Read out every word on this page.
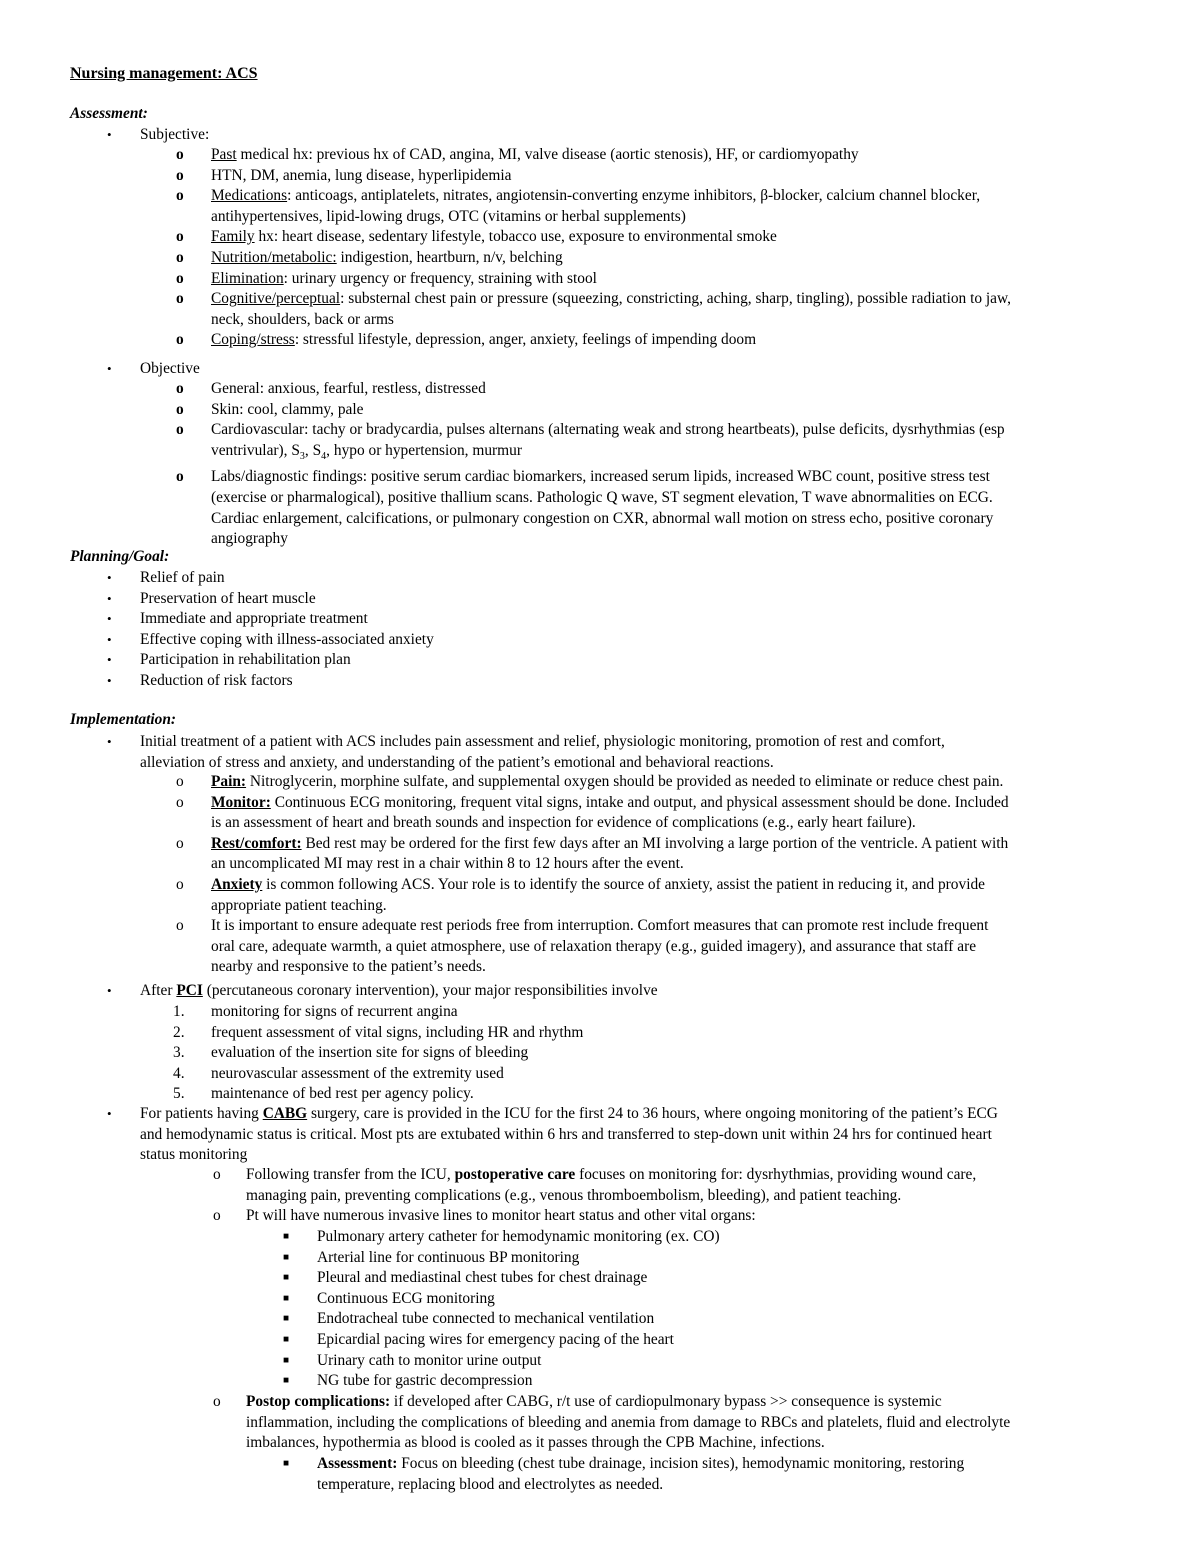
Nursing management: ACS
Assessment:
• Subjective:
o Past medical hx: previous hx of CAD, angina, MI, valve disease (aortic stenosis), HF, or cardiomyopathy
o HTN, DM, anemia, lung disease, hyperlipidemia
o Medications: anticoags, antiplatelets, nitrates, angiotensin-converting enzyme inhibitors, β-blocker, calcium channel blocker,
antihypertensives, lipid-lowing drugs, OTC (vitamins or herbal supplements)
o Family hx: heart disease, sedentary lifestyle, tobacco use, exposure to environmental smoke
o Nutrition/metabolic: indigestion, heartburn, n/v, belching
o Elimination: urinary urgency or frequency, straining with stool
o Cognitive/perceptual: substernal chest pain or pressure (squeezing, constricting, aching, sharp, tingling), possible radiation to jaw,
neck, shoulders, back or arms
o Coping/stress: stressful lifestyle, depression, anger, anxiety, feelings of impending doom
• Objective
o General: anxious, fearful, restless, distressed
o Skin: cool, clammy, pale
o Cardiovascular: tachy or bradycardia, pulses alternans (alternating weak and strong heartbeats), pulse deficits, dysrhythmias (esp
ventrivular), $S_3$, $S_4$, hypo or hypertension, murmur
o Labs/diagnostic findings: positive serum cardiac biomarkers, increased serum lipids, increased WBC count, positive stress test
(exercise or pharmalogical), positive thallium scans. Pathologic Q wave, ST segment elevation, T wave abnormalities on ECG.
Cardiac enlargement, calcifications, or pulmonary congestion on CXR, abnormal wall motion on stress echo, positive coronary
angiography
Planning/Goal:
• Relief of pain
• Preservation of heart muscle
• Immediate and appropriate treatment
• Effective coping with illness-associated anxiety
• Participation in rehabilitation plan
• Reduction of risk factors
Implementation:
• Initial treatment of a patient with ACS includes pain assessment and relief, physiologic monitoring, promotion of rest and comfort,
alleviation of stress and anxiety, and understanding of the patient’s emotional and behavioral reactions.
o Pain: Nitroglycerin, morphine sulfate, and supplemental oxygen should be provided as needed to eliminate or reduce chest pain.
o Monitor: Continuous ECG monitoring, frequent vital signs, intake and output, and physical assessment should be done. Included
is an assessment of heart and breath sounds and inspection for evidence of complications (e.g., early heart failure).
o Rest/comfort: Bed rest may be ordered for the first few days after an MI involving a large portion of the ventricle. A patient with
an uncomplicated MI may rest in a chair within 8 to 12 hours after the event.
o Anxiety is common following ACS. Your role is to identify the source of anxiety, assist the patient in reducing it, and provide
appropriate patient teaching.
o It is important to ensure adequate rest periods free from interruption. Comfort measures that can promote rest include frequent
oral care, adequate warmth, a quiet atmosphere, use of relaxation therapy (e.g., guided imagery), and assurance that staff are
nearby and responsive to the patient’s needs.
• After PCI (percutaneous coronary intervention), your major responsibilities involve
1. monitoring for signs of recurrent angina
2. frequent assessment of vital signs, including HR and rhythm
3. evaluation of the insertion site for signs of bleeding
4. neurovascular assessment of the extremity used
5. maintenance of bed rest per agency policy.
• For patients having CABG surgery, care is provided in the ICU for the first 24 to 36 hours, where ongoing monitoring of the patient’s ECG
and hemodynamic status is critical. Most pts are extubated within 6 hrs and transferred to step-down unit within 24 hrs for continued heart
status monitoring
o Following transfer from the ICU, postoperative care focuses on monitoring for: dysrhythmias, providing wound care,
managing pain, preventing complications (e.g., venous thromboembolism, bleeding), and patient teaching.
o Pt will have numerous invasive lines to monitor heart status and other vital organs:
■ Pulmonary artery catheter for hemodynamic monitoring (ex. CO)
■ Arterial line for continuous BP monitoring
■ Pleural and mediastinal chest tubes for chest drainage
■ Continuous ECG monitoring
■ Endotracheal tube connected to mechanical ventilation
■ Epicardial pacing wires for emergency pacing of the heart
■ Urinary cath to monitor urine output
■ NG tube for gastric decompression
o Postop complications: if developed after CABG, r/t use of cardiopulmonary bypass >> consequence is systemic
inflammation, including the complications of bleeding and anemia from damage to RBCs and platelets, fluid and electrolyte
imbalances, hypothermia as blood is cooled as it passes through the CPB Machine, infections.
■ Assessment: Focus on bleeding (chest tube drainage, incision sites), hemodynamic monitoring, restoring
temperature, replacing blood and electrolytes as needed.
